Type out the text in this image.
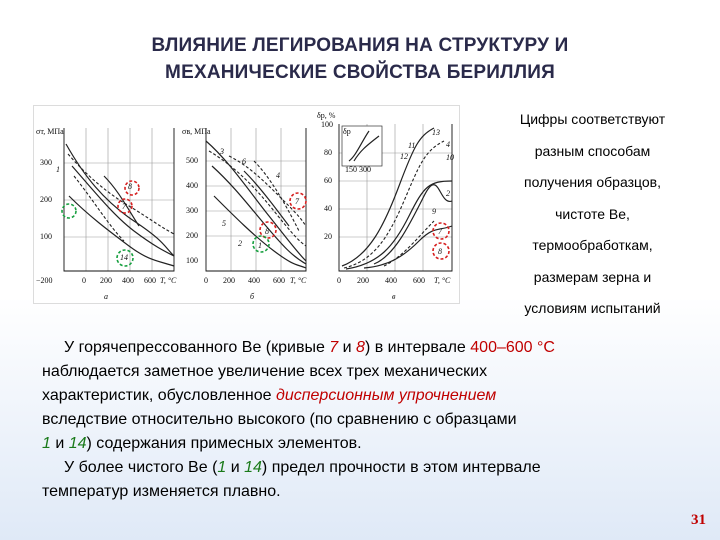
ВЛИЯНИЕ ЛЕГИРОВАНИЯ НА СТРУКТУРУ И
МЕХАНИЧЕСКИЕ СВОЙСТВА БЕРИЛЛИЯ
σт, МПа
300
200
100
−200	0 200 400 600 T, °C
а
1
8
7
14
σв, МПа
500
400
300
200
100
0 200 400 600 T, °C
б
3
6
4
5
2
8
7
1
δр, %
100
80
60
40
20
0 200 400 600 T, °C
в
δр
150 300
13
11	4
10
12
9
2
7
8
Цифры соответствуют
разным способам
получения образцов,
чистоте Be,
термообработкам,
размерам зерна и
условиям испытаний
У горячепрессованного Be (кривые 7 и 8) в интервале 400–600 °С
наблюдается заметное увеличение всех трех механических
характеристик, обусловленное дисперсионным упрочнением
вследствие относительно высокого (по сравнению с образцами
1 и 14) содержания примесных элементов.
У более чистого Be (1 и 14) предел прочности в этом интервале
температур изменяется плавно.
31
